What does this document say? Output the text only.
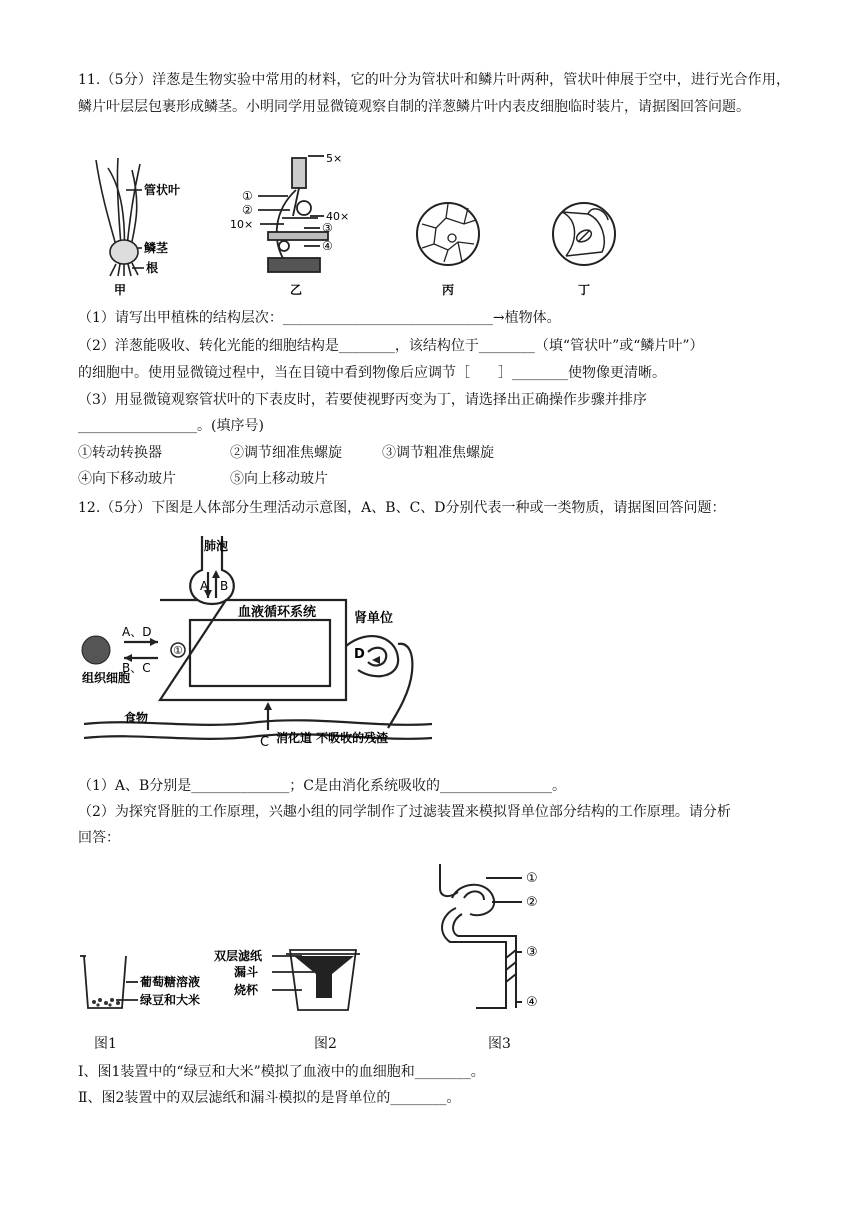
11.（5分）洋葱是生物实验中常用的材料，它的叶分为管状叶和鳞片叶两种，管状叶伸展于空中，进行光合作用，鳞片叶层层包裹形成鳞茎。小明同学用显微镜观察自制的洋葱鳞片叶内表皮细胞临时装片，请据图回答问题。
管状叶
鳞茎
根
甲
5×
①
②
10×
40×
③
④
乙	丙	丁
（1）请写出甲植株的结构层次：______________________________→植物体。
（2）洋葱能吸收、转化光能的细胞结构是________，该结构位于________（填“管状叶”或“鳞片叶”）
的细胞中。使用显微镜过程中，当在目镜中看到物像后应调节［　　］________使物像更清晰。
（3）用显微镜观察管状叶的下表皮时，若要使视野丙变为丁，请选择出正确操作步骤并排序
_________________。(填序号)
①转动转换器	②调节细准焦螺旋	③调节粗准焦螺旋
④向下移动玻片	⑤向上移动玻片
12.（5分）下图是人体部分生理活动示意图，A、B、C、D分别代表一种或一类物质，请据图回答问题：
肺泡
A B
血液循环系统	肾单位
A、D
B、C
①
组织细胞
D
食物
C 消化道 不吸收的残渣
（1）A、B分别是______________；C是由消化系统吸收的________________。
（2）为探究肾脏的工作原理，兴趣小组的同学制作了过滤装置来模拟肾单位部分结构的工作原理。请分析
回答：
葡萄糖溶液
绿豆和大米
双层滤纸
漏斗
烧杯
①
②
③
④
图1	图2	图3
Ⅰ、图1装置中的“绿豆和大米”模拟了血液中的血细胞和________。
Ⅱ、图2装置中的双层滤纸和漏斗模拟的是肾单位的________。
